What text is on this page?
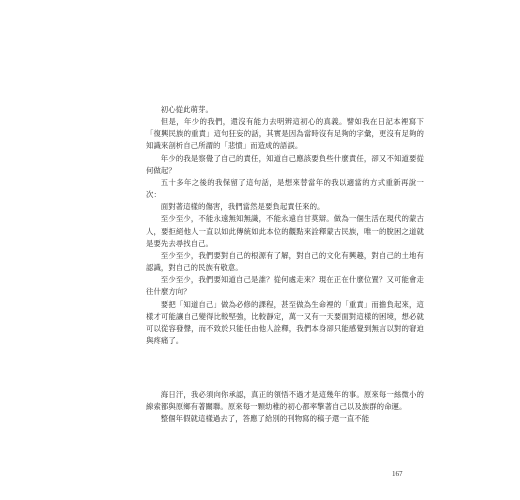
初心從此萌芽。

但是，年少的我們，還沒有能力去明辨這初心的真義。譬如我在日記本裡寫下「復興民族的重責」這句狂妄的話，其實是因為當時沒有足夠的字彙，更沒有足夠的知識來剖析自己所謂的「悲憤」而造成的語誤。

年少的我是察覺了自己的責任，知道自己應該要負些什麼責任，卻又不知道要從何做起？

五十多年之後的我保留了這句話，是想來替當年的我以適當的方式重新再說一次：

面對著這樣的傷害，我們當然是要負起責任來的。

至少至少，不能永遠無知無識，不能永遠自甘莫辯。做為一個生活在現代的蒙古人，要拒絕他人一直以如此傳統如此本位的觀點來詮釋蒙古民族，唯一的脫困之道就是要先去尋找自己。

至少至少，我們要對自己的根源有了解，對自己的文化有興趣，對自己的土地有認識，對自己的民族有敬意。

至少至少，我們要知道自己是誰？從何處走來？現在正在什麼位置？又可能會走往什麼方向？

要把「知道自己」做為必修的課程，甚至做為生命裡的「重責」而擔負起來，這樣才可能讓自己變得比較堅強，比較靜定，萬一又有一天要面對這樣的困境，想必就可以從容發聲，而不致於只能任由他人詮釋，我們本身卻只能感覺到無言以對的窘迫與疼痛了。

海日汗，我必須向你承認，真正的領悟不過才是這幾年的事。原來每一絲微小的線索都與原鄉有著關聯。原來每一顆幼稚的初心都率擎著自己以及族群的命運。

整個年假就這樣過去了，答應了給別的刊物寫的稿子還一直不能

167
